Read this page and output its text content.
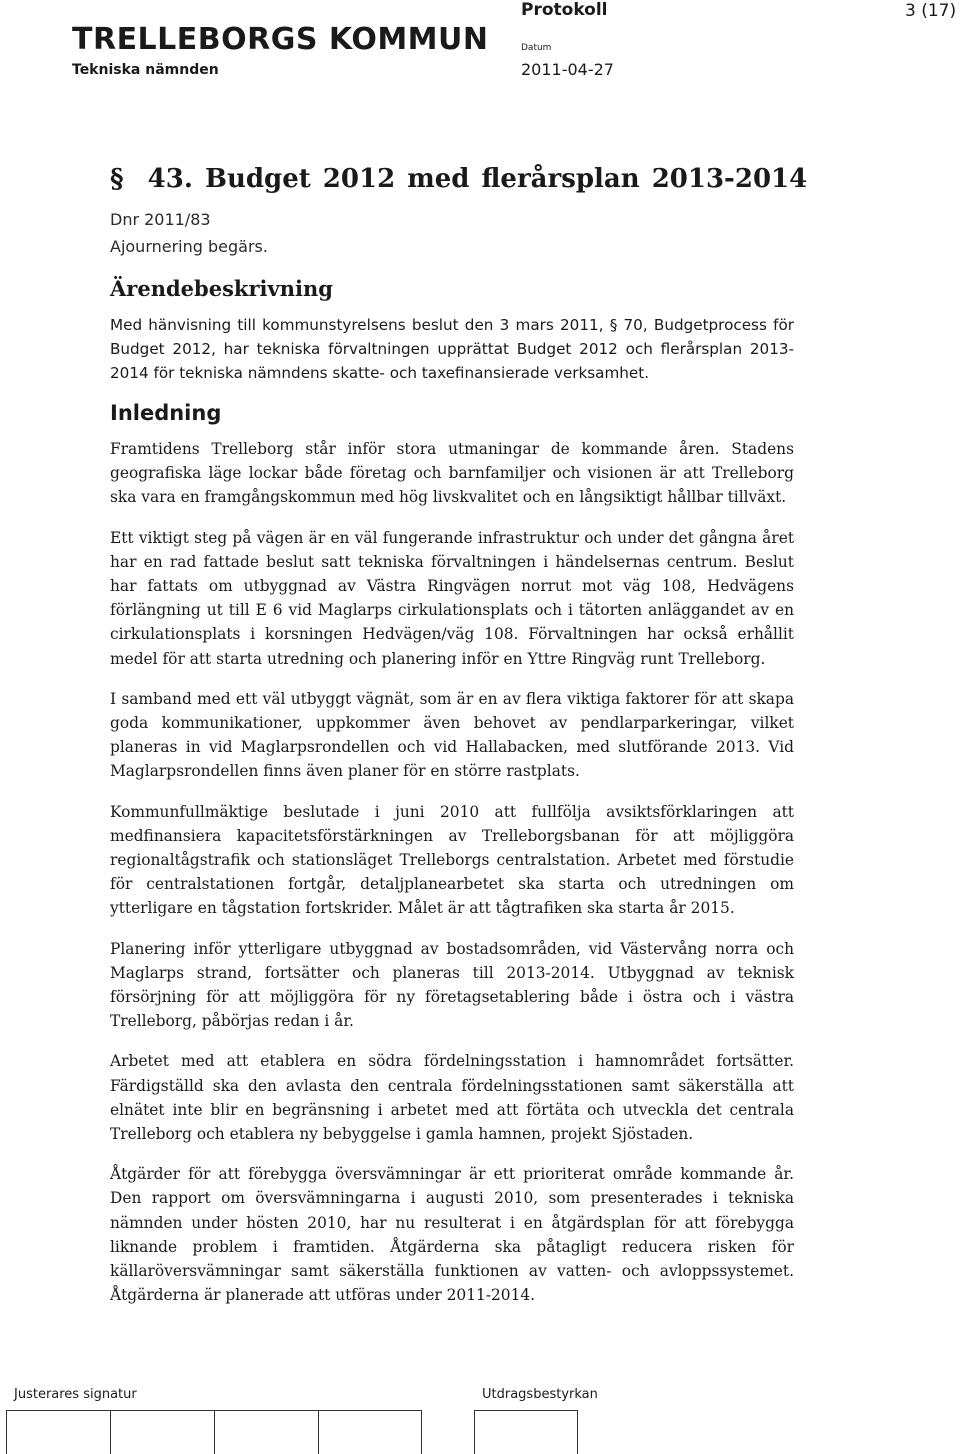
TRELLEBORGS KOMMUN
Tekniska nämnden
Protokoll
Datum
2011-04-27
3 (17)
§ 43. Budget 2012 med flerårsplan 2013-2014

Dnr 2011/83

Ajournering begärs.

Ärendebeskrivning

Med hänvisning till kommunstyrelsens beslut den 3 mars 2011, § 70, Budgetprocess för Budget 2012, har tekniska förvaltningen upprättat Budget 2012 och flerårsplan 2013-2014 för tekniska nämndens skatte- och taxefinansierade verksamhet.

Inledning

Framtidens Trelleborg står inför stora utmaningar de kommande åren. Stadens geografiska läge lockar både företag och barnfamiljer och visionen är att Trelleborg ska vara en framgångskommun med hög livskvalitet och en långsiktigt hållbar tillväxt.

Ett viktigt steg på vägen är en väl fungerande infrastruktur och under det gångna året har en rad fattade beslut satt tekniska förvaltningen i händelsernas centrum. Beslut har fattats om utbyggnad av Västra Ringvägen norrut mot väg 108, Hedvägens förlängning ut till E 6 vid Maglarps cirkulationsplats och i tätorten anläggandet av en cirkulationsplats i korsningen Hedvägen/väg 108. Förvaltningen har också erhållit medel för att starta utredning och planering inför en Yttre Ringväg runt Trelleborg.

I samband med ett väl utbyggt vägnät, som är en av flera viktiga faktorer för att skapa goda kommunikationer, uppkommer även behovet av pendlarparkeringar, vilket planeras in vid Maglarpsrondellen och vid Hallabacken, med slutförande 2013. Vid Maglarpsrondellen finns även planer för en större rastplats.

Kommunfullmäktige beslutade i juni 2010 att fullfölja avsiktsförklaringen att medfinansiera kapacitetsförstärkningen av Trelleborgsbanan för att möjliggöra regionaltågstrafik och stationsläget Trelleborgs centralstation. Arbetet med förstudie för centralstationen fortgår, detaljplanearbetet ska starta och utredningen om ytterligare en tågstation fortskrider. Målet är att tågtrafiken ska starta år 2015.

Planering inför ytterligare utbyggnad av bostadsområden, vid Västervång norra och Maglarps strand, fortsätter och planeras till 2013-2014. Utbyggnad av teknisk försörjning för att möjliggöra för ny företagsetablering både i östra och i västra Trelleborg, påbörjas redan i år.

Arbetet med att etablera en södra fördelningsstation i hamnområdet fortsätter. Färdigställd ska den avlasta den centrala fördelningsstationen samt säkerställa att elnätet inte blir en begränsning i arbetet med att förtäta och utveckla det centrala Trelleborg och etablera ny bebyggelse i gamla hamnen, projekt Sjöstaden.

Åtgärder för att förebygga översvämningar är ett prioriterat område kommande år. Den rapport om översvämningarna i augusti 2010, som presenterades i tekniska nämnden under hösten 2010, har nu resulterat i en åtgärdsplan för att förebygga liknande problem i framtiden. Åtgärderna ska påtagligt reducera risken för källaröversvämningar samt säkerställa funktionen av vatten- och avloppssystemet. Åtgärderna är planerade att utföras under 2011-2014.

Justerares signatur	Utdragsbestyrkan
